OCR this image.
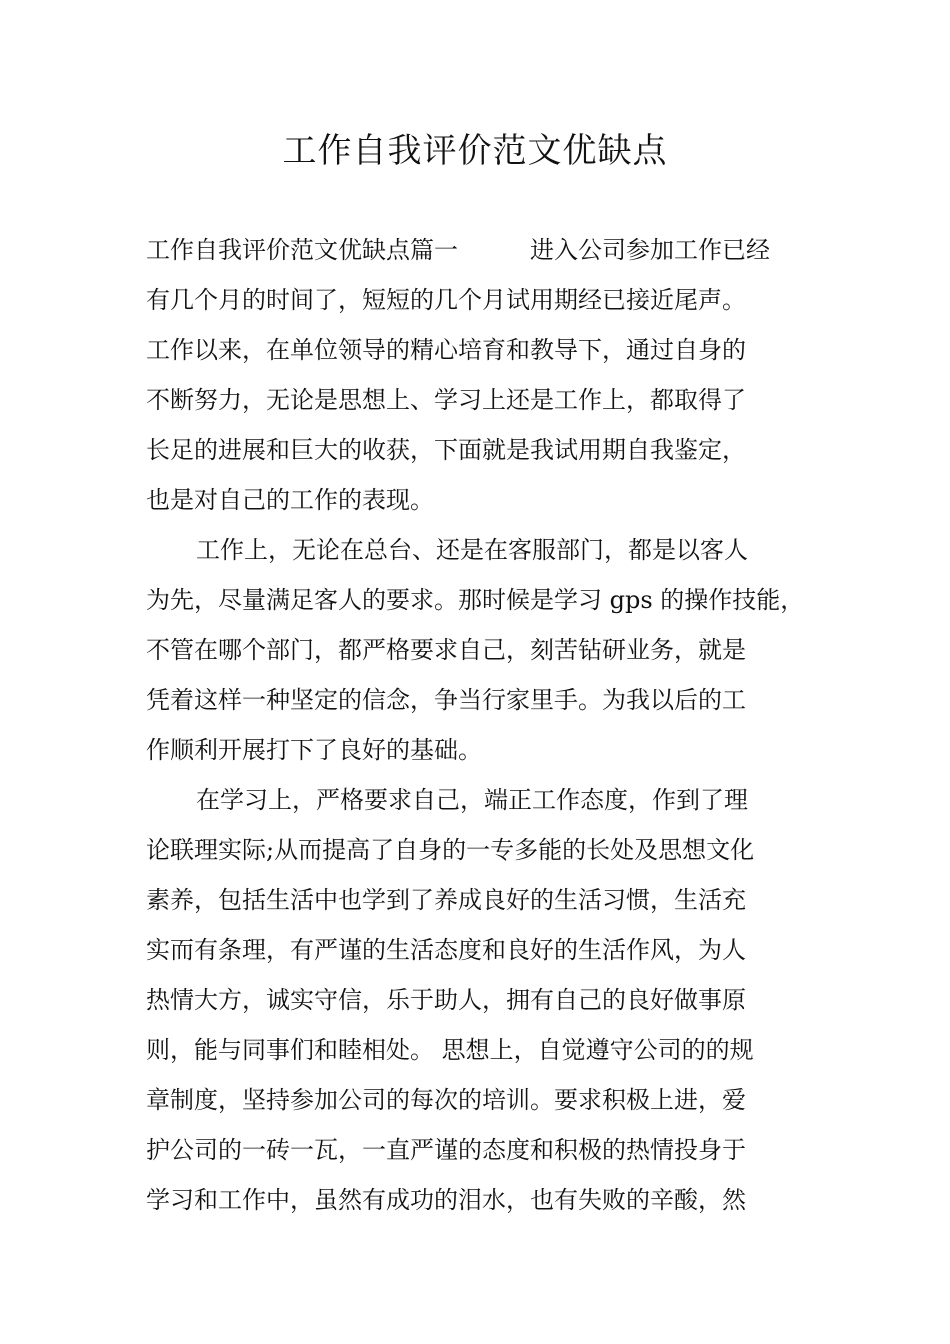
工作自我评价范文优缺点

工作自我评价范文优缺点篇一　　　进入公司参加工作已经

有几个月的时间了，短短的几个月试用期经已接近尾声。

工作以来，在单位领导的精心培育和教导下，通过自身的

不断努力，无论是思想上、学习上还是工作上，都取得了

长足的进展和巨大的收获，下面就是我试用期自我鉴定，

也是对自己的工作的表现。

工作上，无论在总台、还是在客服部门，都是以客人

为先，尽量满足客人的要求。那时候是学习 gps 的操作技能，

不管在哪个部门，都严格要求自己，刻苦钻研业务，就是

凭着这样一种坚定的信念，争当行家里手。为我以后的工

作顺利开展打下了良好的基础。

在学习上，严格要求自己，端正工作态度，作到了理

论联理实际;从而提高了自身的一专多能的长处及思想文化

素养，包括生活中也学到了养成良好的生活习惯，生活充

实而有条理，有严谨的生活态度和良好的生活作风，为人

热情大方，诚实守信，乐于助人，拥有自己的良好做事原

则，能与同事们和睦相处。 思想上，自觉遵守公司的的规

章制度，坚持参加公司的每次的培训。要求积极上进，爱

护公司的一砖一瓦，一直严谨的态度和积极的热情投身于

学习和工作中，虽然有成功的泪水，也有失败的辛酸，然
